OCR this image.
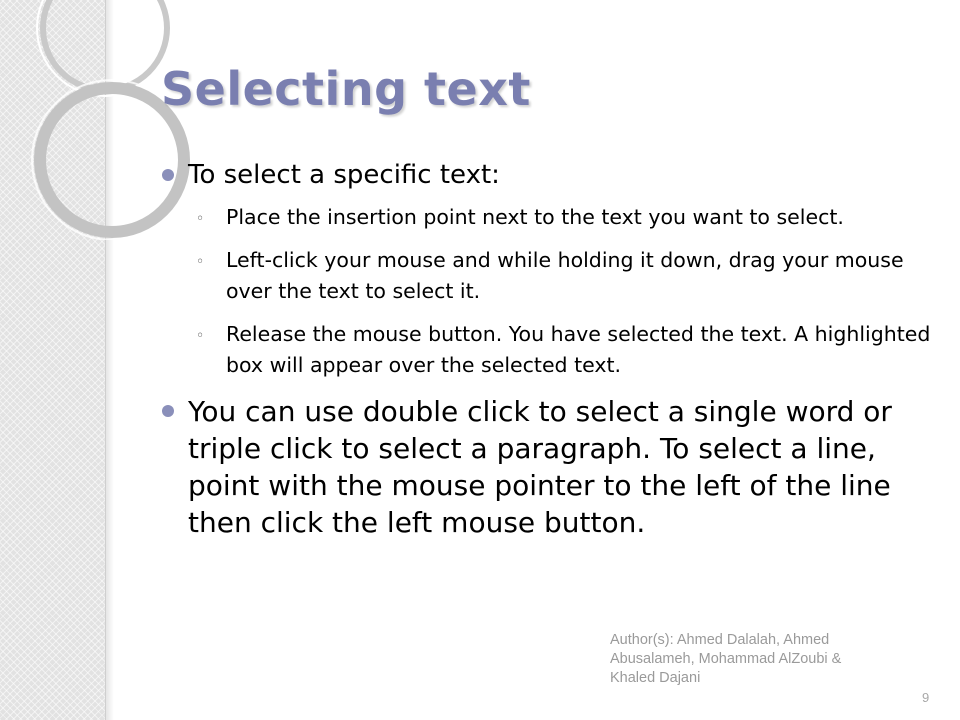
Selecting text
To select a specific text:
◦ Place the insertion point next to the text you want to select.
◦ Left-click your mouse and while holding it down, drag your mouse over the text to select it.
◦ Release the mouse button. You have selected the text. A highlighted box will appear over the selected text.
You can use double click to select a single word or triple click to select a paragraph. To select a line, point with the mouse pointer to the left of the line then click the left mouse button.
Author(s): Ahmed Dalalah, Ahmed Abusalameh, Mohammad AlZoubi & Khaled Dajani
9
